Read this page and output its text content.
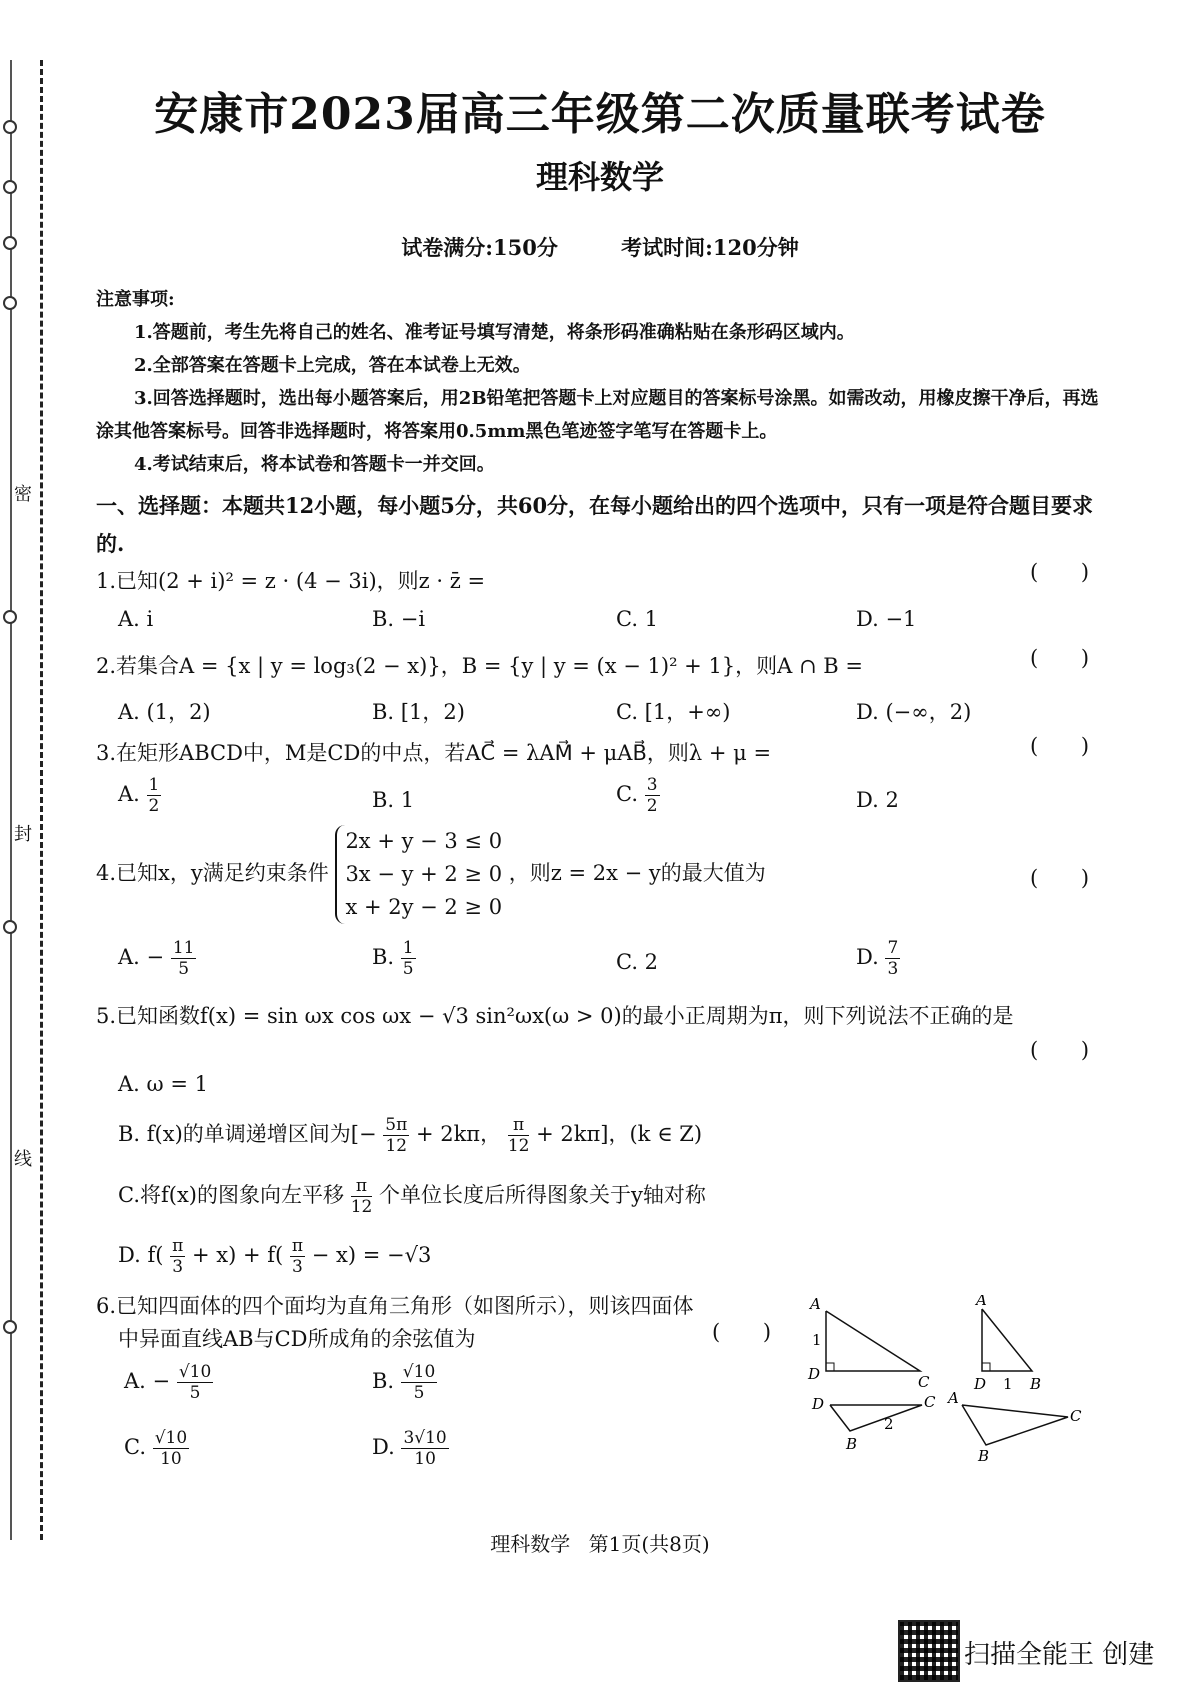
密
封
线
安康市2023届高三年级第二次质量联考试卷
理科数学
试卷满分:150分	考试时间:120分钟
注意事项:
1.答题前，考生先将自己的姓名、准考证号填写清楚，将条形码准确粘贴在条形码区域内。
2.全部答案在答题卡上完成，答在本试卷上无效。
3.回答选择题时，选出每小题答案后，用2B铅笔把答题卡上对应题目的答案标号涂黑。如需改动，用橡皮擦干净后，再选涂其他答案标号。回答非选择题时，将答案用0.5mm黑色笔迹签字笔写在答题卡上。
4.考试结束后，将本试卷和答题卡一并交回。
一、选择题：本题共12小题，每小题5分，共60分，在每小题给出的四个选项中，只有一项是符合题目要求的.
1.已知(2 + i)² = z · (4 − 3i)，则z · z̄ =	( )
A. i	B. −i	C. 1	D. −1
2.若集合A = {x | y = log₃(2 − x)}，B = {y | y = (x − 1)² + 1}，则A ∩ B =	( )
A. (1，2)	B. [1，2)	C. [1，+∞)	D. (−∞，2)
3.在矩形ABCD中，M是CD的中点，若AC⃗ = λAM⃗ + μAB⃗，则λ + μ =	( )
A. $\frac{1}{2}$	B. 1	C. $\frac{3}{2}$	D. 2
4.已知x，y满足约束条件
2x + y − 3 ≤ 0
3x − y + 2 ≥ 0
x + 2y − 2 ≥ 0
，则z = 2x − y的最大值为	( )
A. − $\frac{11}{5}$	B. $\frac{1}{5}$	C. 2	D. $\frac{7}{3}$
5.已知函数f(x) = sin ωx cos ωx − √3 sin²ωx(ω > 0)的最小正周期为π，则下列说法不正确的是
( )
A. ω = 1
B. f(x)的单调递增区间为[− $\frac{5\pi}{12} + 2k\pi$， $\frac{\pi}{12} + 2k\pi$]，(k ∈ Z)
C.将f(x)的图象向左平移 $\frac{\pi}{12}$ 个单位长度后所得图象关于y轴对称
D. $f( \frac{\pi}{3} + x) + f( \frac{\pi}{3} - x) = -√3$
6.已知四面体的四个面均为直角三角形（如图所示），则该四面体
中异面直线AB与CD所成角的余弦值为	( )
A. − $\frac{√10}{5}$	B. $\frac{√10}{5}$
C. $\frac{√10}{10}$	D. $\frac{3√10}{10}$
A
1
D	C
A
D 1 B
D	C
B
2
A
C
B
理科数学 第1页(共8页)
扫描全能王 创建
